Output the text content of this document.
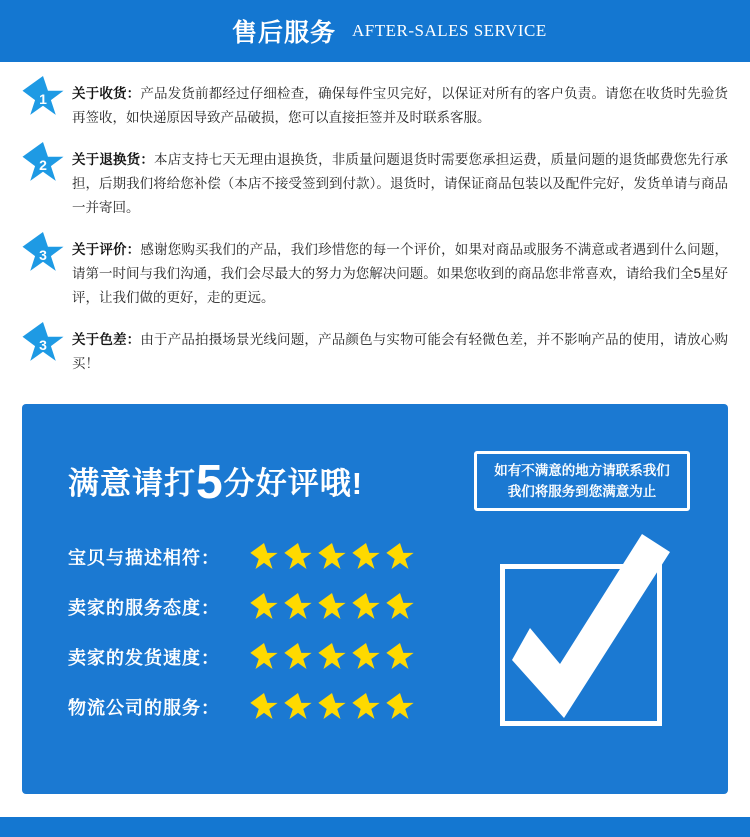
售后服务 AFTER-SALES SERVICE
1	关于收货：产品发货前都经过仔细检查，确保每件宝贝完好，以保证对所有的客户负责。请您在收货时先验货再签收，如快递原因导致产品破损，您可以直接拒签并及时联系客服。
2	关于退换货：本店支持七天无理由退换货，非质量问题退货时需要您承担运费，质量问题的退货邮费您先行承担，后期我们将给您补偿（本店不接受签到到付款）。退货时，请保证商品包装以及配件完好，发货单请与商品一并寄回。
3	关于评价：感谢您购买我们的产品，我们珍惜您的每一个评价，如果对商品或服务不满意或者遇到什么问题，请第一时间与我们沟通，我们会尽最大的努力为您解决问题。如果您收到的商品您非常喜欢，请给我们全5星好评，让我们做的更好，走的更远。
3	关于色差：由于产品拍摄场景光线问题，产品颜色与实物可能会有轻微色差，并不影响产品的使用，请放心购买！
满意请打5分好评哦!	如有不满意的地方请联系我们
我们将服务到您满意为止
宝贝与描述相符：
卖家的服务态度：
卖家的发货速度：
物流公司的服务：
